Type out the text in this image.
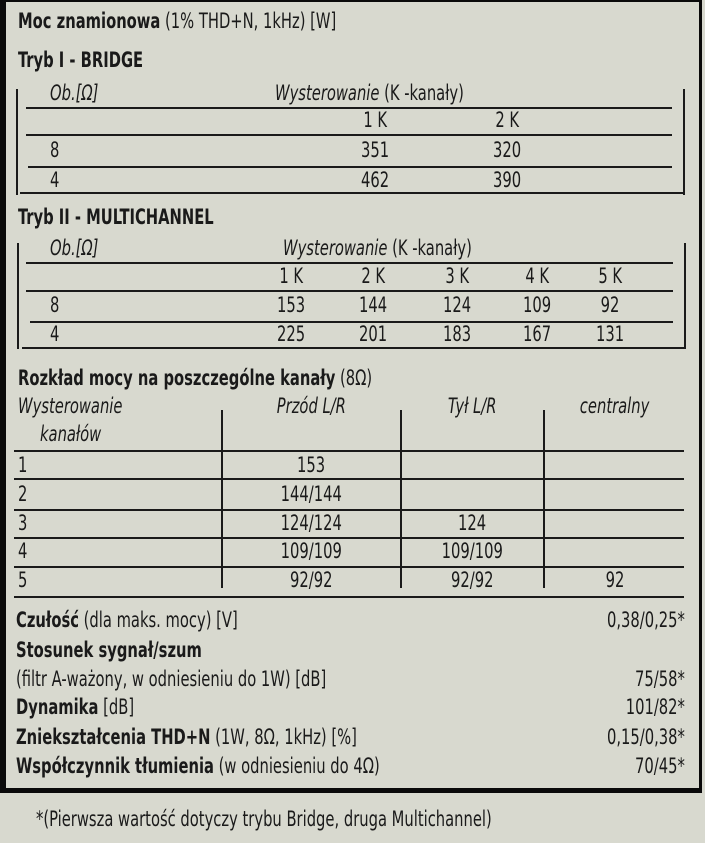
Moc znamionowa (1% THD+N, 1kHz) [W]
Tryb I - BRIDGE
Ob.[Ω]	Wysterowanie (K -kanały)
1 K	2 K
8	351	320
4	462	390
Tryb II - MULTICHANNEL
Ob.[Ω]	Wysterowanie (K -kanały)
1 K	2 K	3 K	4 K	5 K
8	153	144	124	109	92
4	225	201	183	167	131
Rozkład mocy na poszczególne kanały (8Ω)
Wysterowanie
kanałów
Przód L/R	Tył L/R	centralny
1	153
2	144/144
3	124/124	124
4	109/109	109/109
5	92/92	92/92	92
Czułość (dla maks. mocy) [V]	0,38/0,25*
Stosunek sygnał/szum
(filtr A-ważony, w odniesieniu do 1W) [dB]	75/58*
Dynamika [dB]	101/82*
Zniekształcenia THD+N (1W, 8Ω, 1kHz) [%]	0,15/0,38*
Współczynnik tłumienia (w odniesieniu do 4Ω)	70/45*
*(Pierwsza wartość dotyczy trybu Bridge, druga Multichannel)
